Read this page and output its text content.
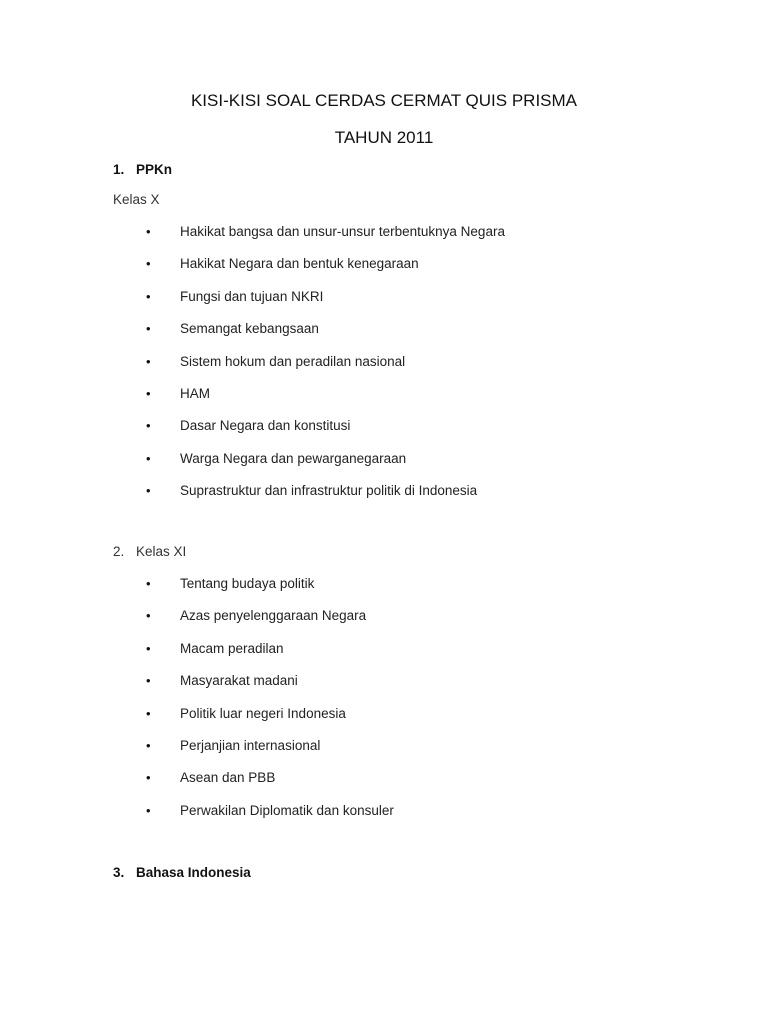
KISI-KISI SOAL CERDAS CERMAT QUIS PRISMA
TAHUN 2011
1. PPKn
Kelas X
• Hakikat bangsa dan unsur-unsur terbentuknya Negara
• Hakikat Negara dan bentuk kenegaraan
• Fungsi dan tujuan NKRI
• Semangat kebangsaan
• Sistem hokum dan peradilan nasional
• HAM
• Dasar Negara dan konstitusi
• Warga Negara dan pewarganegaraan
• Suprastruktur dan infrastruktur politik di Indonesia
2. Kelas XI
• Tentang budaya politik
• Azas penyelenggaraan Negara
• Macam peradilan
• Masyarakat madani
• Politik luar negeri Indonesia
• Perjanjian internasional
• Asean dan PBB
• Perwakilan Diplomatik dan konsuler
3. Bahasa Indonesia
